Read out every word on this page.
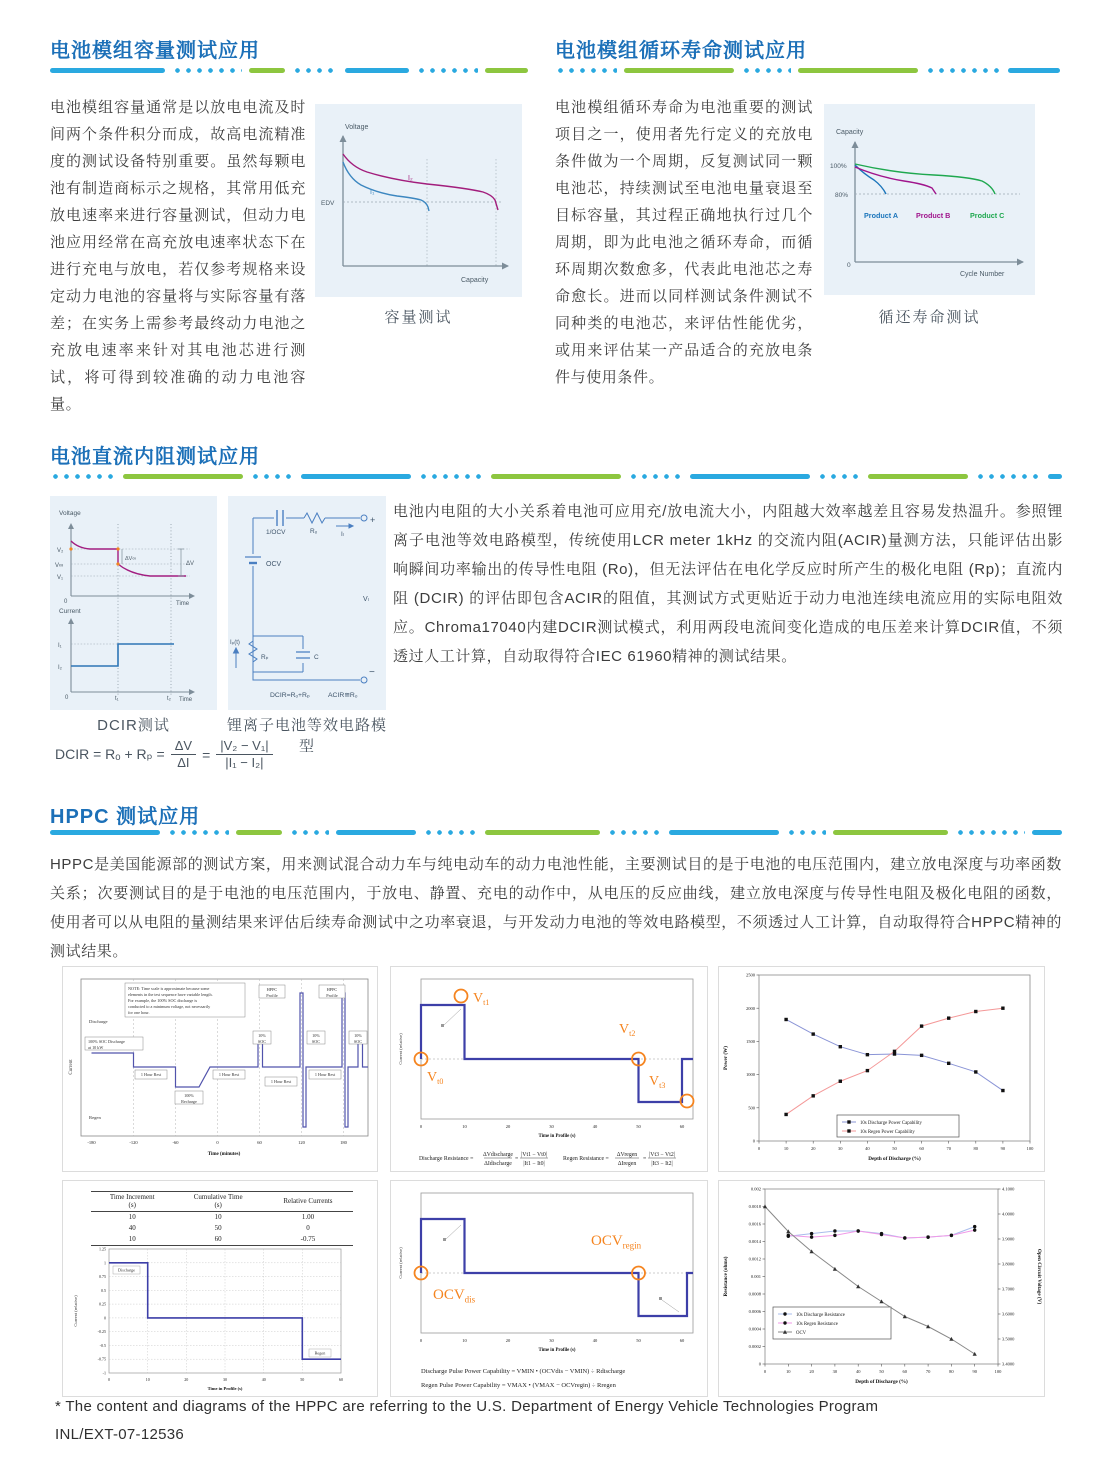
电池模组容量测试应用
电池模组容量通常是以放电电流及时间两个条件积分而成，故高电流精准度的测试设备特别重要。虽然每颗电池有制造商标示之规格，其常用低充放电速率来进行容量测试，但动力电池应用经常在高充放电速率状态下在进行充电与放电，若仅参考规格来设定动力电池的容量将与实际容量有落差；在实务上需参考最终动力电池之充放电速率来针对其电池芯进行测试，将可得到较准确的动力电池容量。
Voltage
EDV
I₁
I₂
Capacity
容量测试
电池模组循环寿命测试应用
电池模组循环寿命为电池重要的测试项目之一，使用者先行定义的充放电条件做为一个周期，反复测试同一颗电池芯，持续测试至电池电量衰退至目标容量，其过程正确地执行过几个周期，即为此电池之循环寿命，而循环周期次数愈多，代表此电池芯之寿命愈长。进而以同样测试条件测试不同种类的电池芯，来评估性能优劣，或用来评估某一产品适合的充放电条件与使用条件。
Capacity
100%
80%
Product A Product B	Product C
0
Cycle Number
循还寿命测试
电池直流内阻测试应用
Voltage
V₂
V∞
V₁
ΔV∞
ΔV
0	Time
Current
I₁
I₂
0	t₁	t₂ Time
DCIR测试
1/OCV	Rₒ	Iₗ
+
OCV
Vₗ
Iₚ(t)
Rₚ	C
−
DCIR=Rₒ+Rₚ	ACIR≅Rₒ
锂离子电池等效电路模型
电池内电阻的大小关系着电池可应用充/放电流大小，内阻越大效率越差且容易发热温升。参照锂离子电池等效电路模型，传统使用LCR meter 1kHz 的交流内阻(ACIR)量测方法，只能评估出影响瞬间功率输出的传导性电阻 (Ro)，但无法评估在电化学反应时所产生的极化电阻 (Rp)；直流内阻 (DCIR) 的评估即包含ACIR的阻值，其测试方式更贴近于动力电池连续电流应用的实际电阻效应。Chroma17040内建DCIR测试模式，利用两段电流间变化造成的电压差来计算DCIR值，不须透过人工计算，自动取得符合IEC 61960精神的测试结果。
DCIR = $R_o + R_p = \frac{\Delta V}{\Delta I} = \frac{\text{|V₂ − V₁|}}{\text{|I₁ − I₂|}}$
HPPC 测试应用
HPPC是美国能源部的测试方案，用来测试混合动力车与纯电动车的动力电池性能，主要测试目的是于电池的电压范围内，建立放电深度与功率函数关系；次要测试目的是于电池的电压范围内，于放电、静置、充电的动作中，从电压的反应曲线，建立放电深度与传导性电阻及极化电阻的函数，使用者可以从电阻的量测结果来评估后续寿命测试中之功率衰退，与开发动力电池的等效电路模型，不须透过人工计算，自动取得符合HPPC精神的测试结果。
Current
Discharge
Regen
NOTE: Time scale is approximate because some
elements in the test sequence have variable length.
For example, the 100% SOC discharge is
conducted to a minimum voltage, not necessarily
for one hour.
100% SOC Discharge
at 10 kW
1 Hour Rest	1 Hour Rest
1 Hour Rest
1 Hour Rest
100%
Recharge
HPPC
Profile
HPPC
Profile
10%
SOC
10%
SOC
10%
SOC
-180	-120	-60	0	60	120	180
Time (minutes)
Current (relative)
$V_{t1}$
$V_{t0}$
$V_{t2}$
$V_{t3}$
0	10	20	30	40	50	60
Time in Profile (s)
Discharge Resistance =
ΔVdischarge
ΔIdischarge
=
|Vt1 − Vt0|
|It1 − It0|
Regen Resistance =
ΔVregen
ΔIregen
=
|Vt3 − Vt2|
|It3 − It2|
0	10	20	30	40	50	60	70	80	90	100
0
500
1000
1500
2000
2500
Depth of Discharge (%)
Power (W)
10s Discharge Power Capability
10s Regen Power Capability
Time Increment
(s)

Cumulative Time
(s)

Relative Currents

10	10	1.00
40	50	0
10	60	-0.75
Current (relative)
1.25
1
0.75
0.5
0.25
0
-0.25
-0.5
-0.75
-1
Discharge
Regen
0	10	20	30	40	50	60
Time in Profile (s)
Current (relative)
$OCV_{dis}$
$OCV_{regin}$
0	10	20	30	40	50	60
Time in Profile (s)
Discharge Pulse Power Capability = VMIN • (OCVdis − VMIN) ÷ Rdischarge
Regen Pulse Power Capability = VMAX • (VMAX − OCVregin) ÷ Rregen
0	10	20	30	40	50	60	70	80	90	100
0
0.0002
0.0004
0.0006
0.0008
0.001
0.0012
0.0014
0.0016
0.0018
0.002
3.4000
3.5000
3.6000
3.7000
3.8000
3.9000
4.0000
4.1000
Depth of Discharge (%)
Resistance (ohms)	Open Circuit Voltage (V)
10s Discharge Resistance
10s Regen Resistance
OCV
* The content and diagrams of the HPPC are referring to the U.S. Department of Energy Vehicle Technologies Program
INL/EXT-07-12536
